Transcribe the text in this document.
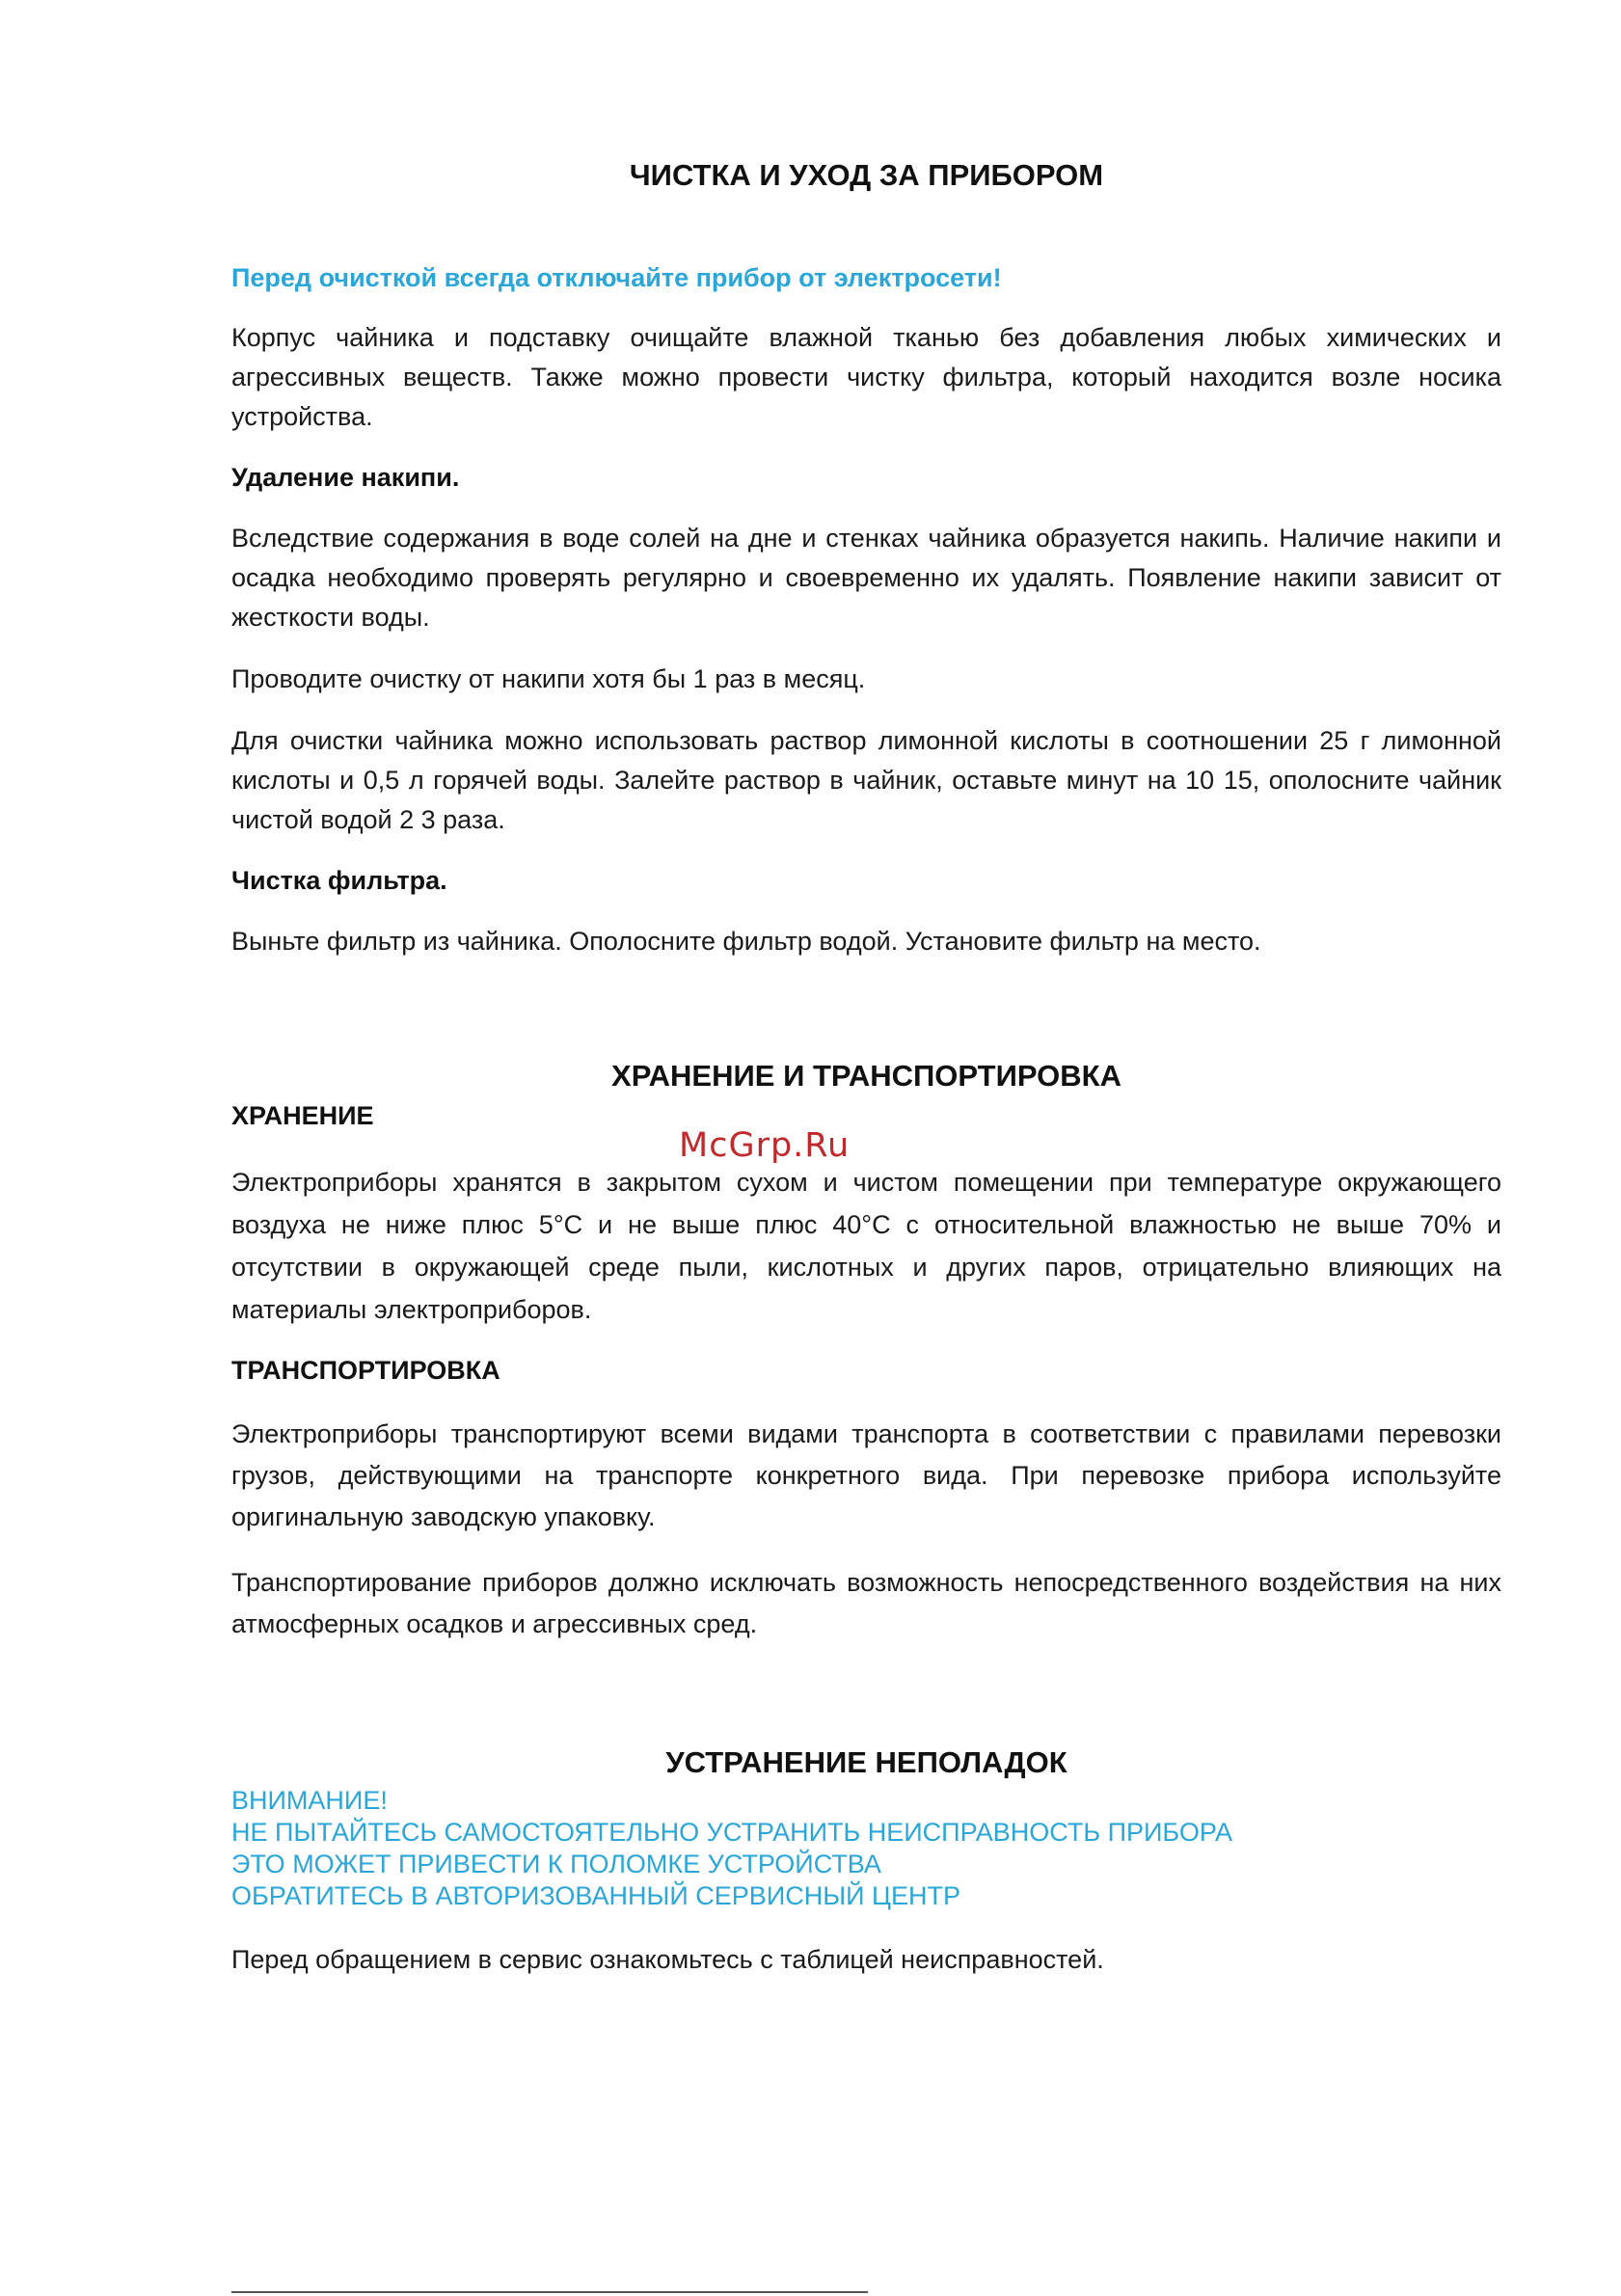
ЧИСТКА И УХОД ЗА ПРИБОРОМ
Перед очисткой всегда отключайте прибор от электросети!
Корпус чайника и подставку очищайте влажной тканью без добавления любых химических и агрессивных веществ. Также можно провести чистку фильтра, который находится возле носика устройства.
Удаление накипи.
Вследствие содержания в воде солей на дне и стенках чайника образуется накипь. Наличие накипи и осадка необходимо проверять регулярно и своевременно их удалять. Появление накипи зависит от жесткости воды.
Проводите очистку от накипи хотя бы 1 раз в месяц.
Для очистки чайника можно использовать раствор лимонной кислоты в соотношении 25 г лимонной кислоты и 0,5 л горячей воды. Залейте раствор в чайник, оставьте минут на 10 15, ополосните чайник чистой водой 2 3 раза.
Чистка фильтра.
Выньте фильтр из чайника. Ополосните фильтр водой. Установите фильтр на место.
ХРАНЕНИЕ И ТРАНСПОРТИРОВКА
ХРАНЕНИЕ
Электроприборы хранятся в закрытом сухом и чистом помещении при температуре окружающего воздуха не ниже плюс 5°С и не выше плюс 40°С с относительной влажностью не выше 70% и отсутствии в окружающей среде пыли, кислотных и других паров, отрицательно влияющих на материалы электроприборов.
ТРАНСПОРТИРОВКА
Электроприборы транспортируют всеми видами транспорта в соответствии с правилами перевозки грузов, действующими на транспорте конкретного вида. При перевозке прибора используйте оригинальную заводскую упаковку.
Транспортирование приборов должно исключать возможность непосредственного воздействия на них атмосферных осадков и агрессивных сред.
УСТРАНЕНИЕ НЕПОЛАДОК
ВНИМАНИЕ!
НЕ ПЫТАЙТЕСЬ САМОСТОЯТЕЛЬНО УСТРАНИТЬ НЕИСПРАВНОСТЬ ПРИБОРА
ЭТО МОЖЕТ ПРИВЕСТИ К ПОЛОМКЕ УСТРОЙСТВА
ОБРАТИТЕСЬ В АВТОРИЗОВАННЫЙ СЕРВИСНЫЙ ЦЕНТР
Перед обращением в сервис ознакомьтесь с таблицей неисправностей.
McGrp.Ru
